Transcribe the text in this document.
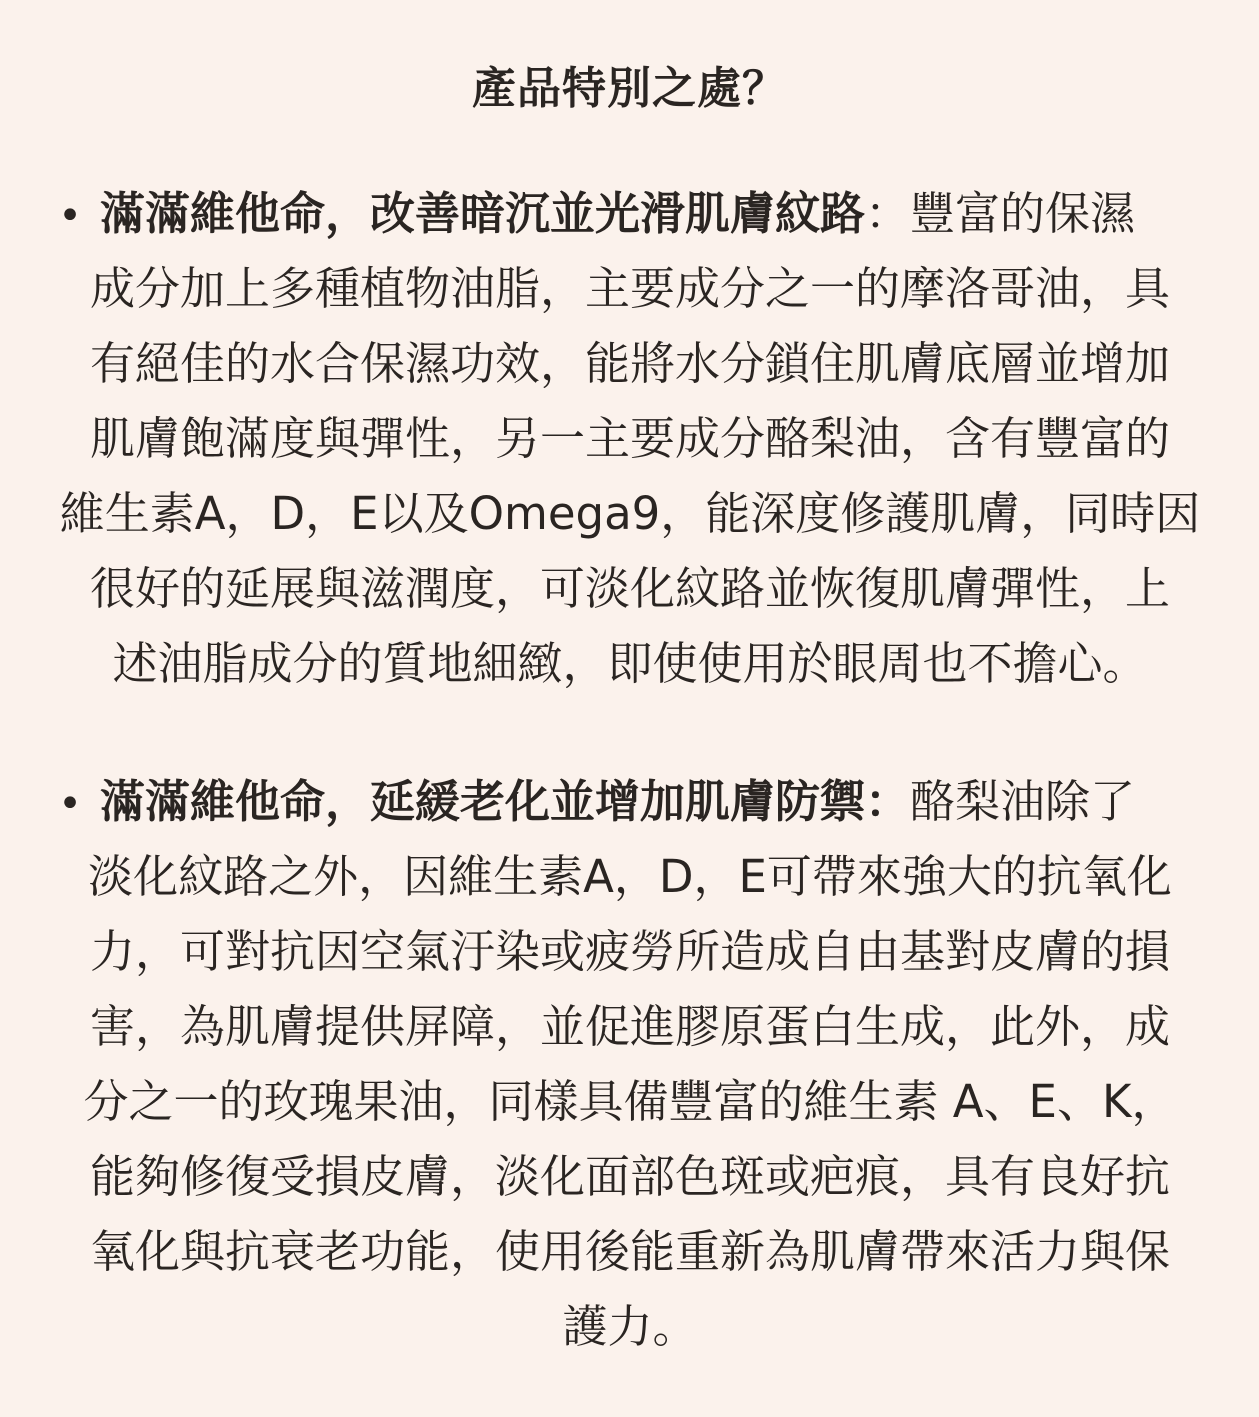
產品特別之處？
• 滿滿維他命，改善暗沉並光滑肌膚紋路：豐富的保濕
成分加上多種植物油脂，主要成分之一的摩洛哥油，具
有絕佳的水合保濕功效，能將水分鎖住肌膚底層並增加
肌膚飽滿度與彈性，另一主要成分酪梨油，含有豐富的
維生素A，D，E以及Omega9，能深度修護肌膚，同時因
很好的延展與滋潤度，可淡化紋路並恢復肌膚彈性，上
述油脂成分的質地細緻，即使使用於眼周也不擔心。
• 滿滿維他命，延緩老化並增加肌膚防禦：酪梨油除了
淡化紋路之外，因維生素A，D，E可帶來強大的抗氧化
力，可對抗因空氣汙染或疲勞所造成自由基對皮膚的損
害，為肌膚提供屏障，並促進膠原蛋白生成，此外，成
分之一的玫瑰果油，同樣具備豐富的維生素 A、E、K，
能夠修復受損皮膚，淡化面部色斑或疤痕，具有良好抗
氧化與抗衰老功能，使用後能重新為肌膚帶來活力與保
護力。
